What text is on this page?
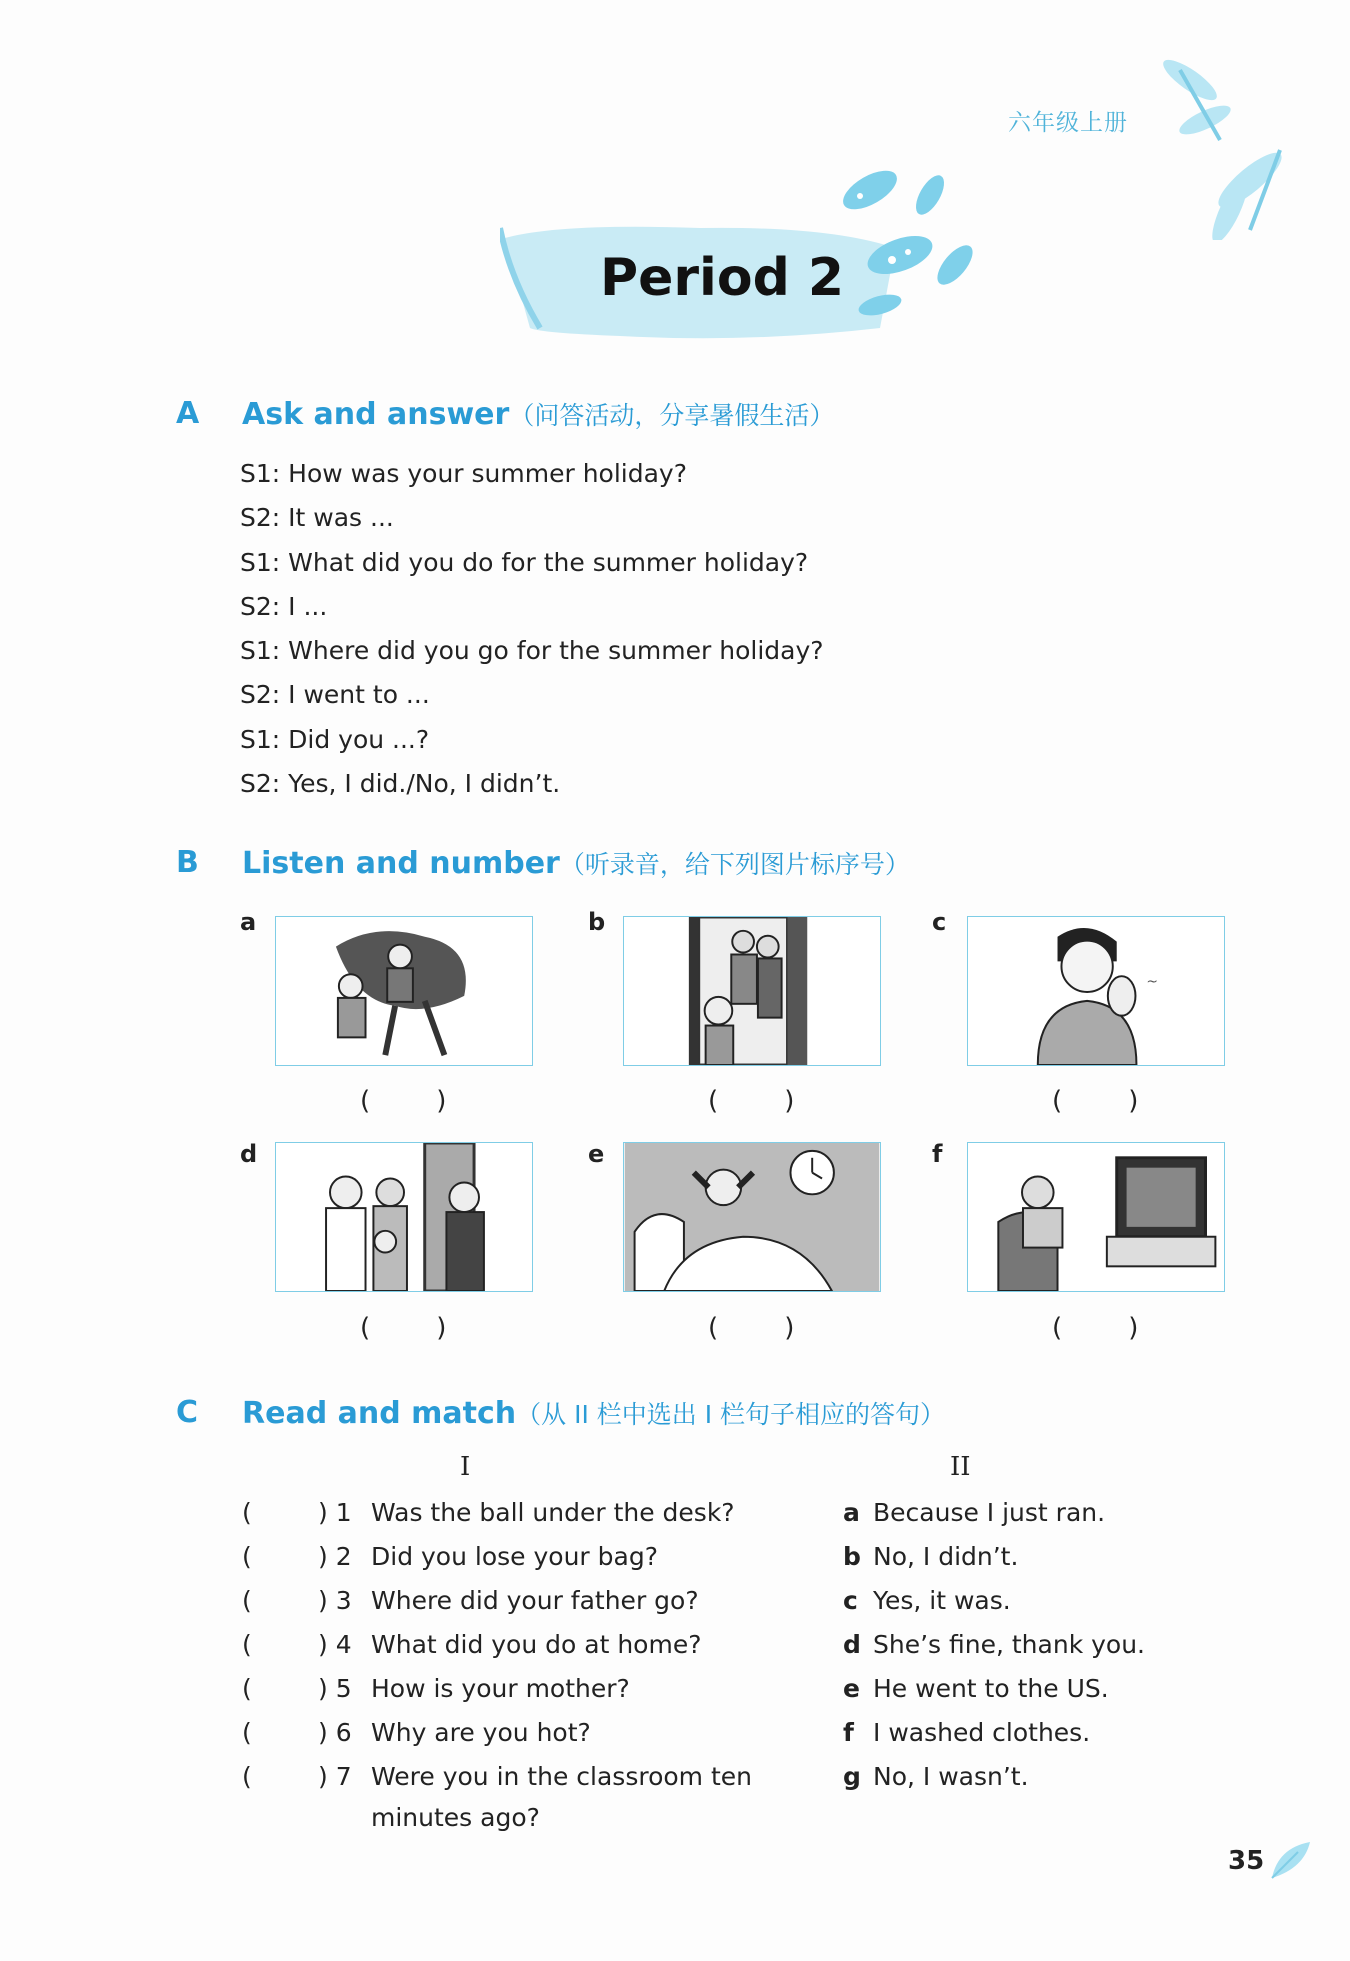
六年级上册
Period 2
A Ask and answer（问答活动，分享暑假生活）
S1: How was your summer holiday?
S2: It was ...
S1: What did you do for the summer holiday?
S2: I ...
S1: Where did you go for the summer holiday?
S2: I went to ...
S1: Did you ...?
S2: Yes, I did./No, I didn’t.
B Listen and number（听录音，给下列图片标序号）
a
(        )
b
(        )
c
~
(        )
d
(        )
e
(        )
f
(        )
C Read and match（从 II 栏中选出 I 栏句子相应的答句）
I	II
(	) 1 Was the ball under the desk?	a Because I just ran.
(	) 2 Did you lose your bag?	b No, I didn’t.
(	) 3 Where did your father go?	c Yes, it was.
(	) 4 What did you do at home?	d She’s fine, thank you.
(	) 5 How is your mother?	e He went to the US.
(	) 6 Why are you hot?	f I washed clothes.
(	) 7 Were you in the classroom ten	g No, I wasn’t.
minutes ago?
35
